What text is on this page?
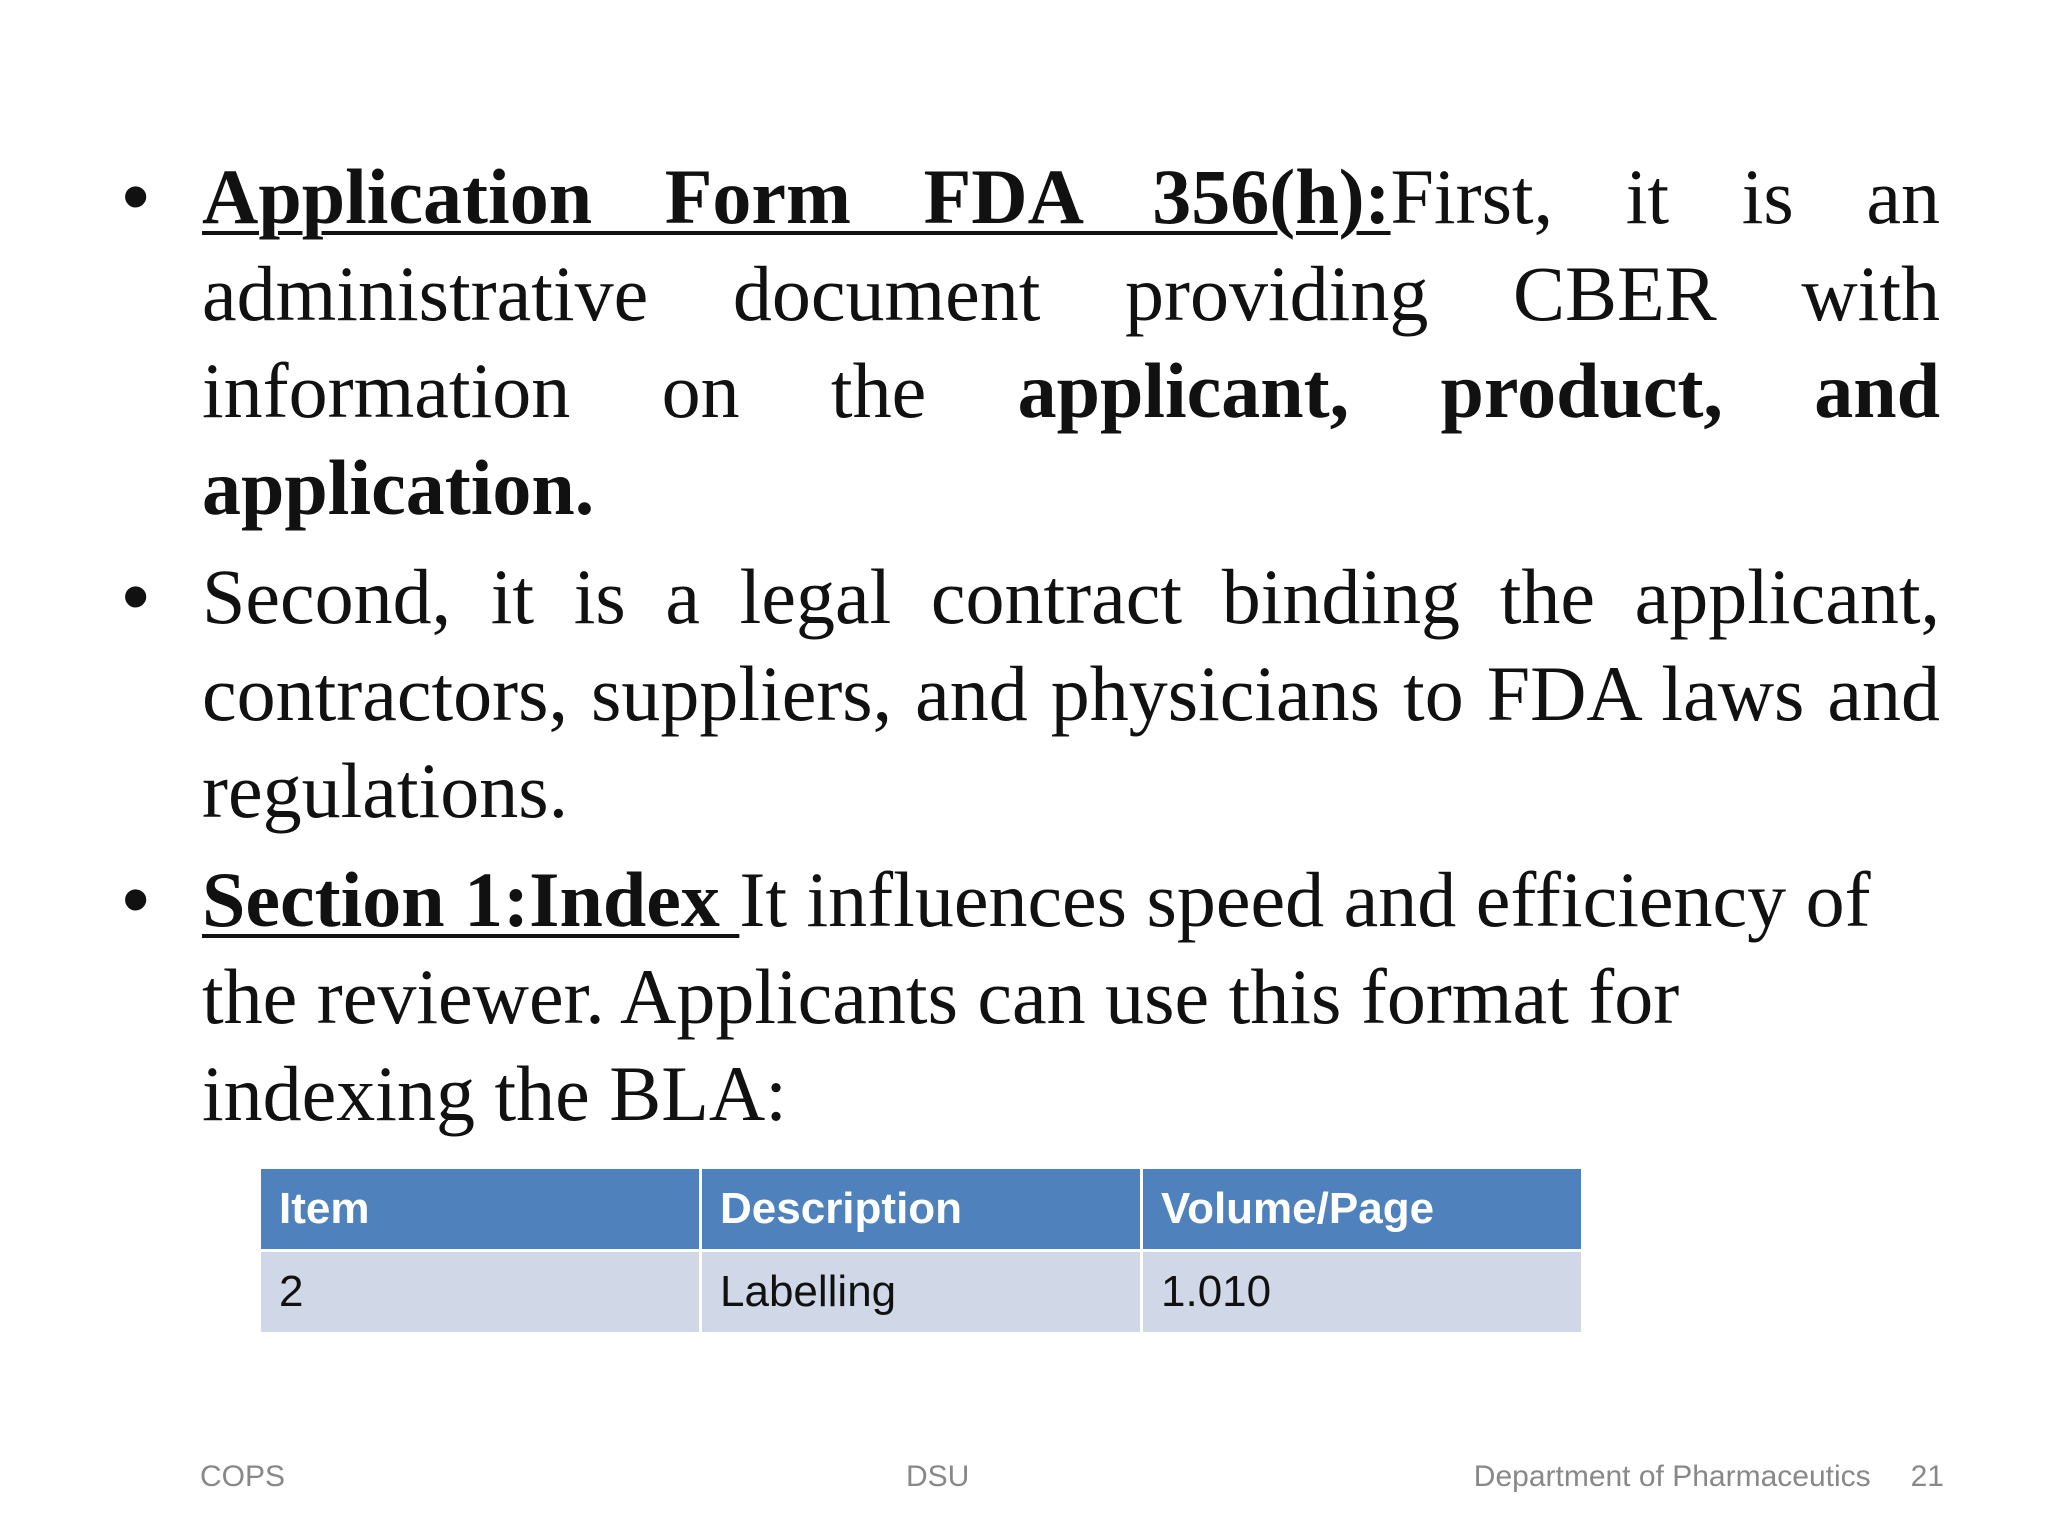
• Application Form FDA 356(h):First, it is an administrative document providing CBER with information on the applicant, product, and application.

• Second, it is a legal contract binding the applicant, contractors, suppliers, and physicians to FDA laws and regulations.

• Section 1:Index It influences speed and efficiency of the reviewer. Applicants can use this format for indexing the BLA:

Item	Description	Volume/Page
2	Labelling	1.010
COPS	DSU	Department of Pharmaceutics 21
